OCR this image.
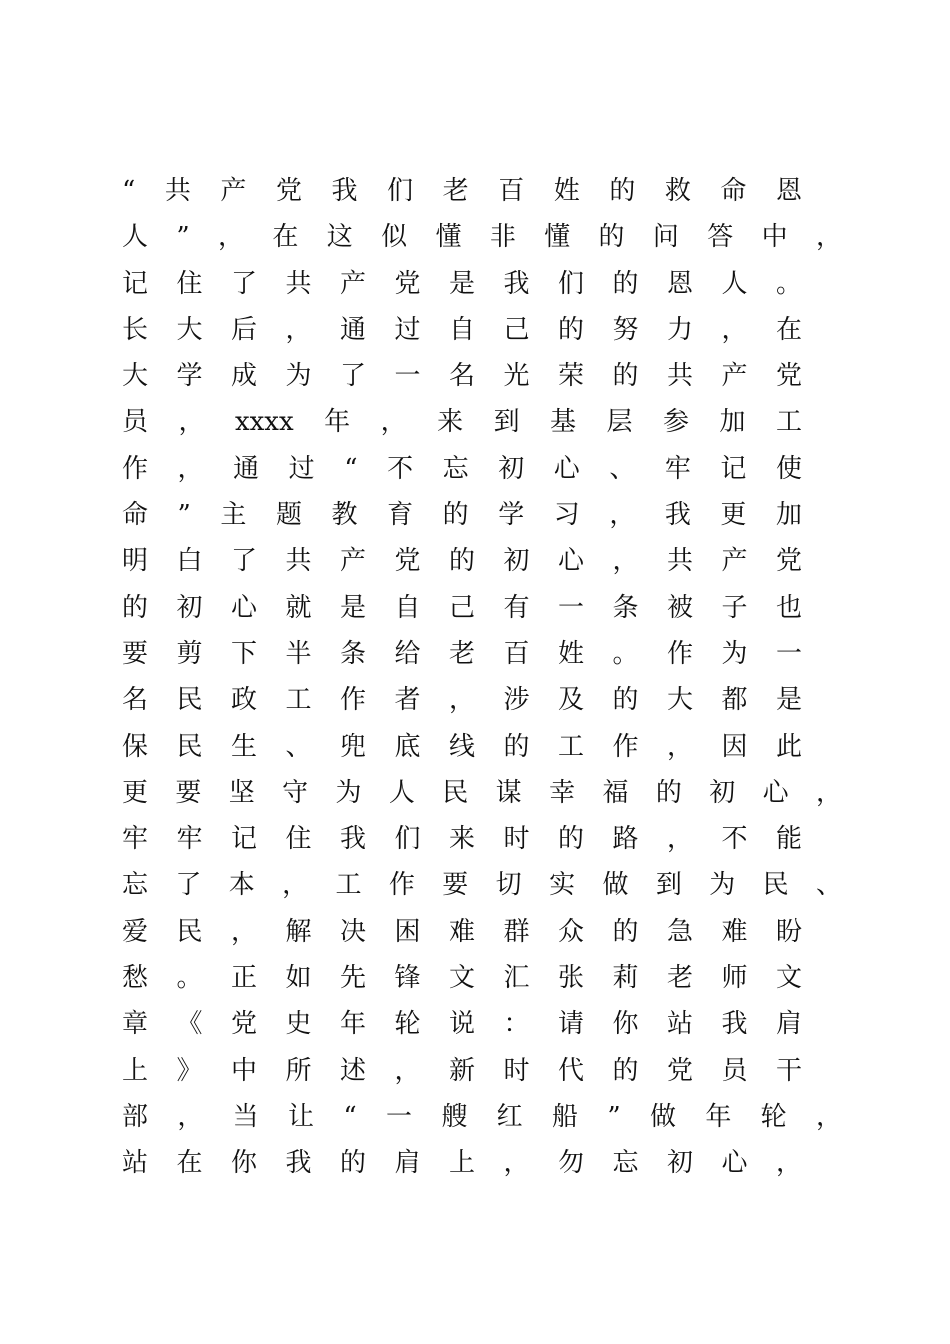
“共产党我们老百姓的救命恩
人”，在这似懂非懂的问答中，
记住了共产党是我们的恩人。
长大后，通过自己的努力，在
大学成为了一名光荣的共产党
员，xxxx年，来到基层参加工
作，通过“不忘初心、牢记使
命”主题教育的学习，我更加
明白了共产党的初心，共产党
的初心就是自己有一条被子也
要剪下半条给老百姓。作为一
名民政工作者，涉及的大都是
保民生、兜底线的工作，因此
更要坚守为人民谋幸福的初心，
牢牢记住我们来时的路，不能
忘了本，工作要切实做到为民、
爱民，解决困难群众的急难盼
愁。正如先锋文汇张莉老师文
章《党史年轮说：请你站我肩
上》中所述，新时代的党员干
部，当让“一艘红船”做年轮，
站在你我的肩上，勿忘初心，
